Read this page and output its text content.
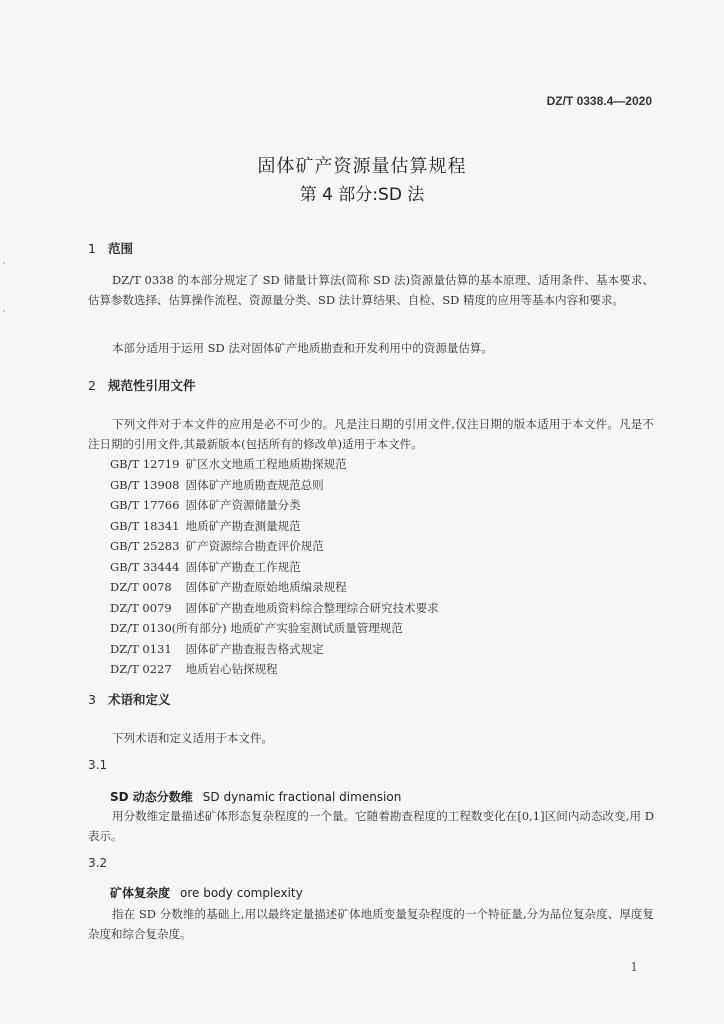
DZ/T 0338.4—2020
固体矿产资源量估算规程
第 4 部分:SD 法
1 范围
DZ/T 0338 的本部分规定了 SD 储量计算法(简称 SD 法)资源量估算的基本原理、适用条件、基本要求、估算参数选择、估算操作流程、资源量分类、SD 法计算结果、自检、SD 精度的应用等基本内容和要求。
本部分适用于运用 SD 法对固体矿产地质勘查和开发利用中的资源量估算。
2 规范性引用文件
下列文件对于本文件的应用是必不可少的。凡是注日期的引用文件,仅注日期的版本适用于本文件。凡是不注日期的引用文件,其最新版本(包括所有的修改单)适用于本文件。
GB/T 12719 矿区水文地质工程地质勘探规范
GB/T 13908 固体矿产地质勘查规范总则
GB/T 17766 固体矿产资源储量分类
GB/T 18341 地质矿产勘查测量规范
GB/T 25283 矿产资源综合勘查评价规范
GB/T 33444 固体矿产勘查工作规范
DZ/T 0078 固体矿产勘查原始地质编录规程
DZ/T 0079 固体矿产勘查地质资料综合整理综合研究技术要求
DZ/T 0130(所有部分) 地质矿产实验室测试质量管理规范
DZ/T 0131 固体矿产勘查报告格式规定
DZ/T 0227 地质岩心钻探规程
3 术语和定义
下列术语和定义适用于本文件。
3.1
SD 动态分数维 SD dynamic fractional dimension
用分数维定量描述矿体形态复杂程度的一个量。它随着勘查程度的工程数变化在[0,1]区间内动态改变,用 D 表示。
3.2
矿体复杂度 ore body complexity
指在 SD 分数维的基础上,用以最终定量描述矿体地质变量复杂程度的一个特征量,分为品位复杂度、厚度复杂度和综合复杂度。
1
